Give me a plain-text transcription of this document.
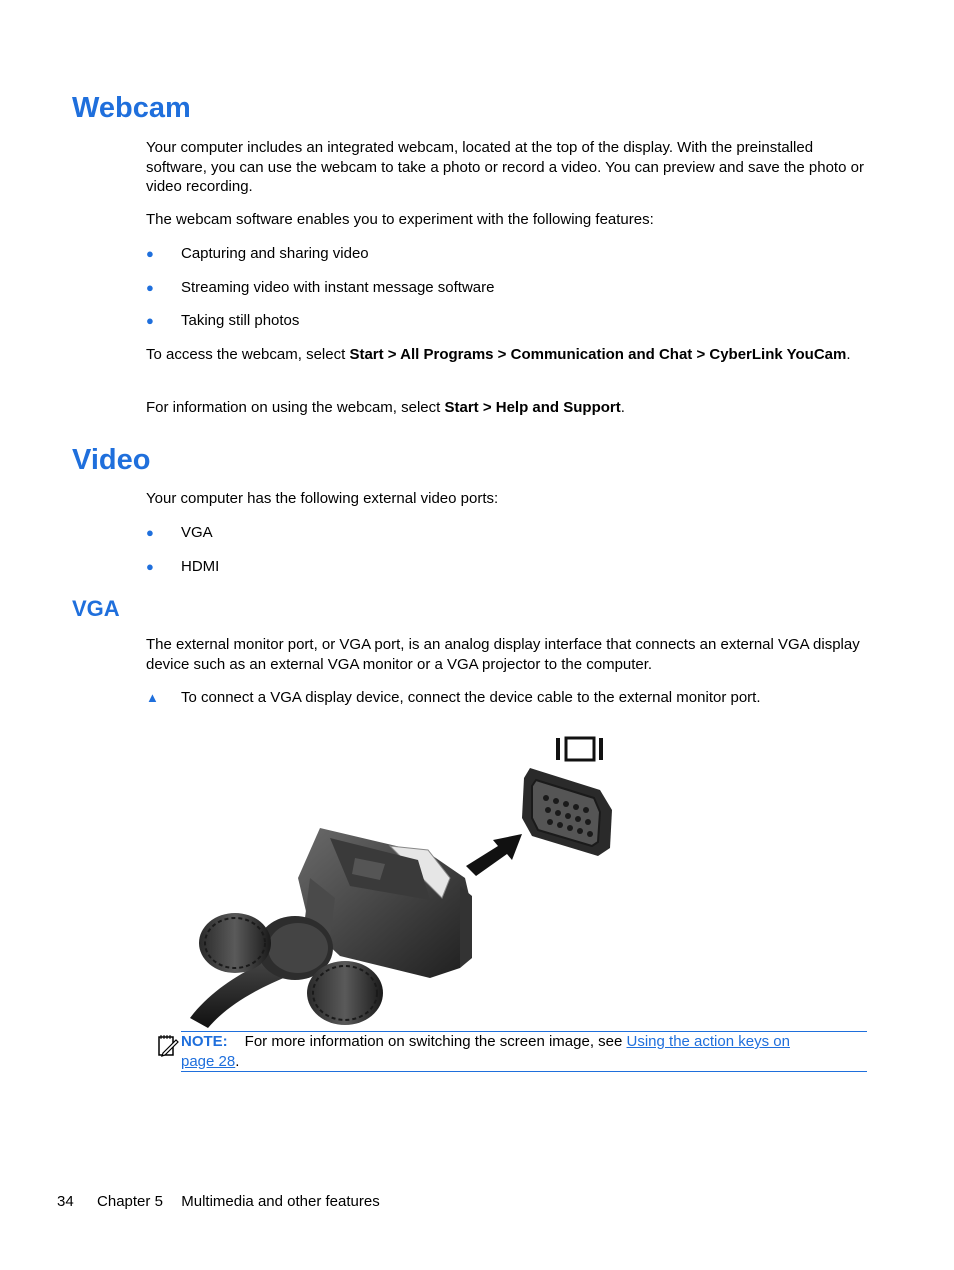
Webcam

Your computer includes an integrated webcam, located at the top of the display. With the preinstalled software, you can use the webcam to take a photo or record a video. You can preview and save the photo or video recording.

The webcam software enables you to experiment with the following features:

● Capturing and sharing video
● Streaming video with instant message software
● Taking still photos

To access the webcam, select Start > All Programs > Communication and Chat > CyberLink YouCam.

For information on using the webcam, select Start > Help and Support.

Video

Your computer has the following external video ports:

● VGA
● HDMI
VGA

The external monitor port, or VGA port, is an analog display interface that connects an external VGA display device such as an external VGA monitor or a VGA projector to the computer.

▲ To connect a VGA display device, connect the device cable to the external monitor port.
NOTE: For more information on switching the screen image, see Using the action keys on page 28.
34 Chapter 5 Multimedia and other features
